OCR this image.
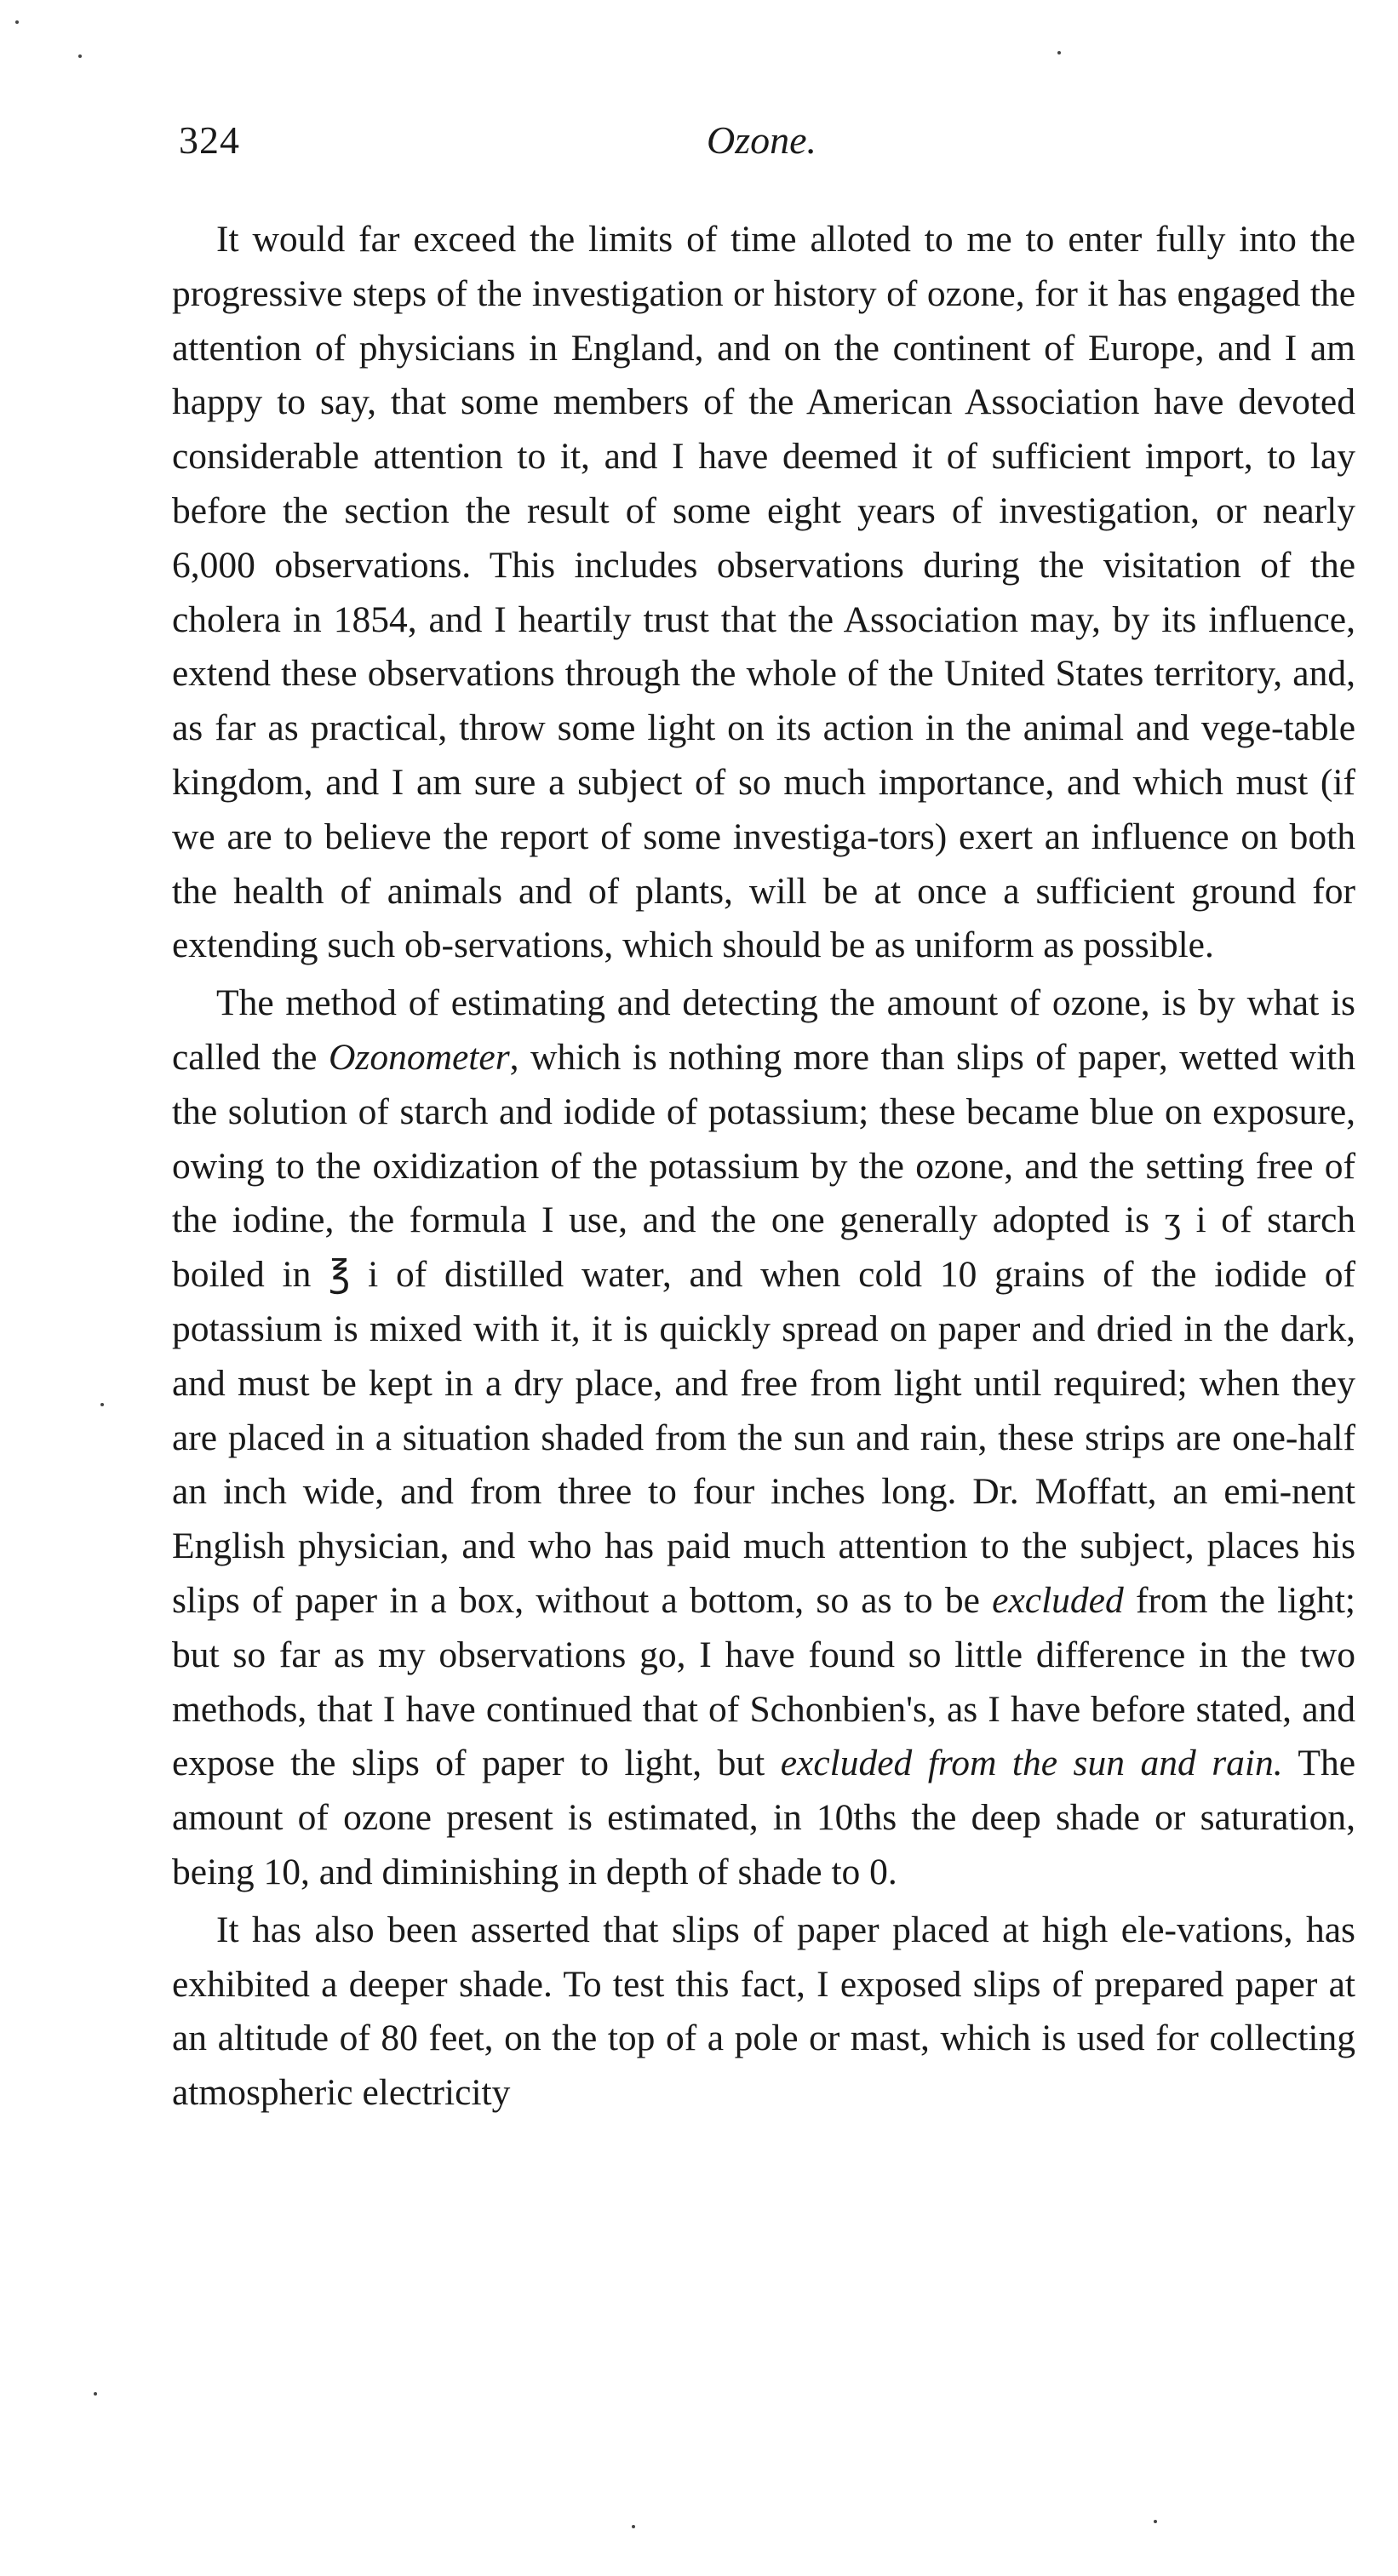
324	Ozone.

It would far exceed the limits of time alloted to me to enter fully into the progressive steps of the investigation or history of ozone, for it has engaged the attention of physicians in England, and on the continent of Europe, and I am happy to say, that some members of the American Association have devoted considerable attention to it, and I have deemed it of sufficient import, to lay before the section the result of some eight years of investigation, or nearly 6,000 observations. This includes observations during the visitation of the cholera in 1854, and I heartily trust that the Association may, by its influence, extend these observations through the whole of the United States territory, and, as far as practical, throw some light on its action in the animal and vege-table kingdom, and I am sure a subject of so much importance, and which must (if we are to believe the report of some investiga-tors) exert an influence on both the health of animals and of plants, will be at once a sufficient ground for extending such ob-servations, which should be as uniform as possible.

The method of estimating and detecting the amount of ozone, is by what is called the Ozonometer, which is nothing more than slips of paper, wetted with the solution of starch and iodide of potassium; these became blue on exposure, owing to the oxidization of the potassium by the ozone, and the setting free of the iodine, the formula I use, and the one generally adopted is ʒ i of starch boiled in ℥ i of distilled water, and when cold 10 grains of the iodide of potassium is mixed with it, it is quickly spread on paper and dried in the dark, and must be kept in a dry place, and free from light until required; when they are placed in a situation shaded from the sun and rain, these strips are one-half an inch wide, and from three to four inches long. Dr. Moffatt, an emi-nent English physician, and who has paid much attention to the subject, places his slips of paper in a box, without a bottom, so as to be excluded from the light; but so far as my observations go, I have found so little difference in the two methods, that I have continued that of Schonbien's, as I have before stated, and expose the slips of paper to light, but excluded from the sun and rain. The amount of ozone present is estimated, in 10ths the deep shade or saturation, being 10, and diminishing in depth of shade to 0.

It has also been asserted that slips of paper placed at high ele-vations, has exhibited a deeper shade. To test this fact, I exposed slips of prepared paper at an altitude of 80 feet, on the top of a pole or mast, which is used for collecting atmospheric electricity
